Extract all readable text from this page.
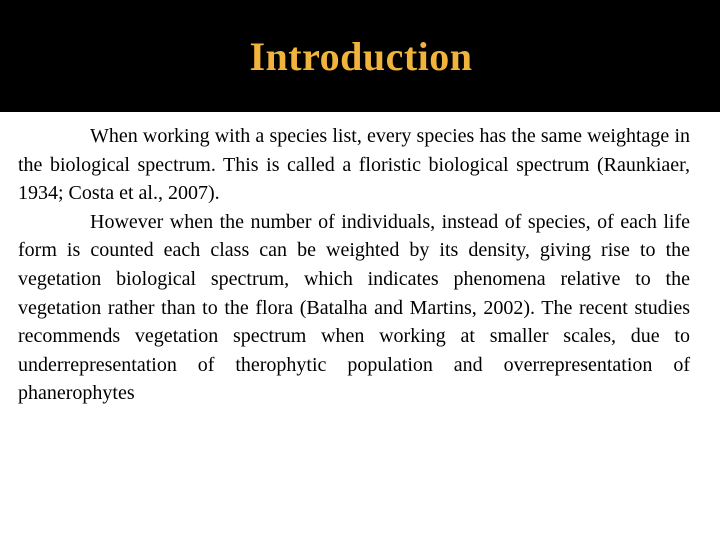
Introduction

When working with a species list, every species has the same weightage in the biological spectrum. This is called a floristic biological spectrum (Raunkiaer, 1934; Costa et al., 2007).

However when the number of individuals, instead of species, of each life form is counted each class can be weighted by its density, giving rise to the vegetation biological spectrum, which indicates phenomena relative to the vegetation rather than to the flora (Batalha and Martins, 2002). The recent studies recommends vegetation spectrum when working at smaller scales, due to underrepresentation of therophytic population and overrepresentation of phanerophytes
